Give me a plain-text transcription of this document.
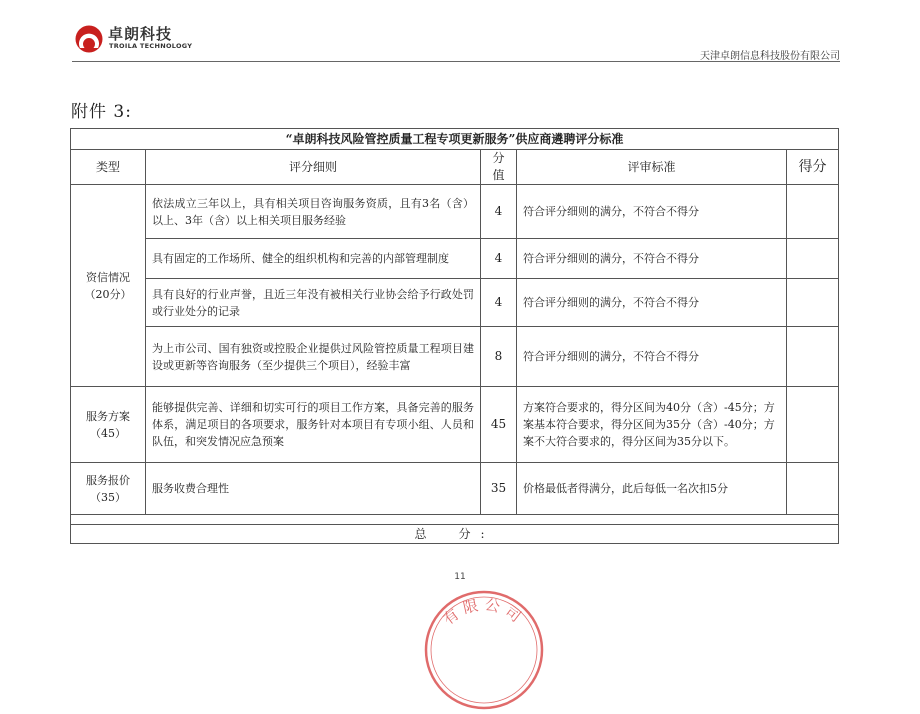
卓朗科技
TROILA TECHNOLOGY
天津卓朗信息科技股份有限公司
附件 3:
“卓朗科技风险管控质量工程专项更新服务”供应商遴聘评分标准				
类型	评分细则	分值	评审标准	得分

资信情况
（20分）	依法成立三年以上，具有相关项目咨询服务资质，且有3名（含）以上、3年（含）以上相关项目服务经验	4	符合评分细则的满分，不符合不得分	
	具有固定的工作场所、健全的组织机构和完善的内部管理制度	4	符合评分细则的满分，不符合不得分	
	具有良好的行业声誉，且近三年没有被相关行业协会给予行政处罚或行业处分的记录	4	符合评分细则的满分，不符合不得分	
	为上市公司、国有独资或控股企业提供过风险管控质量工程项目建设或更新等咨询服务（至少提供三个项目），经验丰富	8	符合评分细则的满分，不符合不得分	

服务方案
（45）	能够提供完善、详细和切实可行的项目工作方案，具备完善的服务体系，满足项目的各项要求，服务针对本项目有专项小组、人员和队伍，和突发情况应急预案	45	方案符合要求的，得分区间为40分（含）-45分；方案基本符合要求，得分区间为35分（含）-40分；方案不大符合要求的，得分区间为35分以下。	

服务报价
（35）	服务收费合理性	35	价格最低者得满分，此后每低一名次扣5分	

总　分:				
11
有限公司
